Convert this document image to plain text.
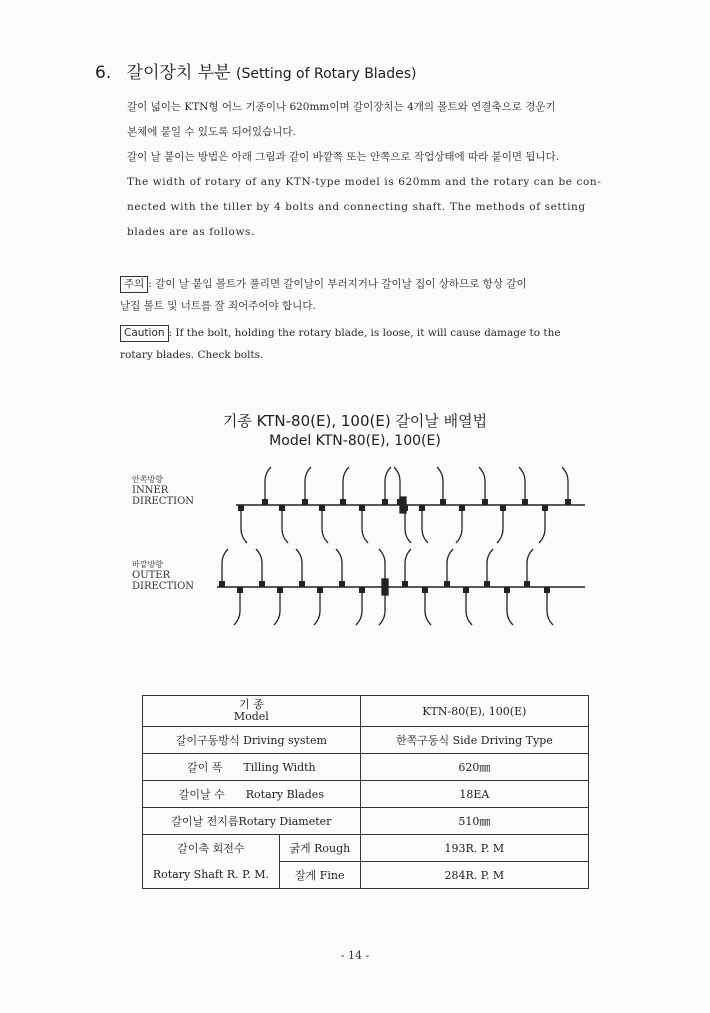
6. 갈이장치 부분 (Setting of Rotary Blades)

갈이 넓이는 KTN형 어느 기종이나 620mm이며 갈이장치는 4개의 볼트와 연결축으로 경운기

본체에 붙일 수 있도록 되어있습니다.

갈이 날 붙이는 방법은 아래 그림과 같이 바깥쪽 또는 안쪽으로 작업상태에 따라 붙이면 됩니다.

The width of rotary of any KTN-type model is 620mm and the rotary can be con-

nected with the tiller by 4 bolts and connecting shaft. The methods of setting

blades are as follows.

주의 : 갈이 날 붙임 볼트가 풀리면 갈이날이 부러지거나 갈이날 집이 상하므로 항상 갈이

날집 볼트 및 너트를 잘 죄어주어야 합니다.

Caution : If the bolt, holding the rotary blade, is loose, it will cause damage to the

rotary blades. Check bolts.

기종 KTN-80(E), 100(E) 갈이날 배열법
Model KTN-80(E), 100(E)
안쪽방향
INNER
DIRECTION
바깥방향
OUTER
DIRECTION
기 종
Model		KTN-80(E), 100(E)
갈이구동방식 Driving system		한쪽구동식 Side Driving Type
갈이 폭 Tilling Width		620㎜
갈이날 수 Rotary Blades		18EA
갈이날 전지름Rotary Diameter		510㎜

갈이축 회전수
Rotary Shaft R. P. M.	굵게 Rough	193R. P. M
	잘게 Fine	284R. P. M
- 14 -
